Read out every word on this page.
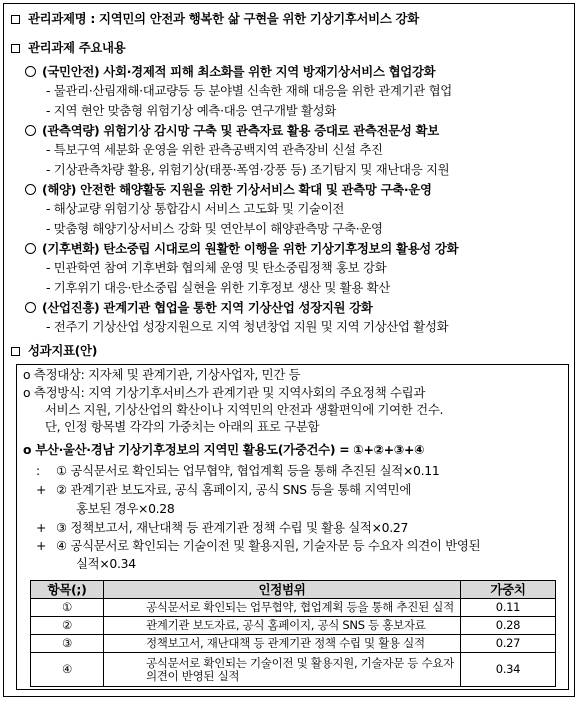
관리과제명 : 지역민의 안전과 행복한 삶 구현을 위한 기상기후서비스 강화
관리과제 주요내용
(국민안전) 사회·경제적 피해 최소화를 위한 지역 방재기상서비스 협업강화
- 물관리·산림재해·대교량등 등 분야별 신속한 재해 대응을 위한 관계기관 협업
- 지역 현안 맞춤형 위험기상 예측·대응 연구개발 활성화
(관측역량) 위험기상 감시망 구축 및 관측자료 활용 증대로 관측전문성 확보
- 특보구역 세분화 운영을 위한 관측공백지역 관측장비 신설 추진
- 기상관측차량 활용, 위험기상(태풍·폭염·강풍 등) 조기탐지 및 재난대응 지원
(해양) 안전한 해양활동 지원을 위한 기상서비스 확대 및 관측망 구축·운영
- 해상교량 위험기상 통합감시 서비스 고도화 및 기술이전
- 맞춤형 해양기상서비스 강화 및 연안부이 해양관측망 구축·운영
(기후변화) 탄소중립 시대로의 원활한 이행을 위한 기상기후정보의 활용성 강화
- 민관학연 참여 기후변화 협의체 운영 및 탄소중립정책 홍보 강화
- 기후위기 대응·탄소중립 실현을 위한 기후정보 생산 및 활용 확산
(산업진흥) 관계기관 협업을 통한 지역 기상산업 성장지원 강화
- 전주기 기상산업 성장지원으로 지역 청년창업 지원 및 지역 기상산업 활성화
성과지표(안)
o 측정대상: 지자체 및 관계기관, 기상사업자, 민간 등
o 측정방식: 지역 기상기후서비스가 관계기관 및 지역사회의 주요정책 수립과
서비스 지원, 기상산업의 확산이나 지역민의 안전과 생활편익에 기여한 건수.
단, 인정 항목별 각각의 가중치는 아래의 표로 구분함
o 부산·울산·경남 기상기후정보의 지역민 활용도(가중건수) = ①+②+③+④
: ① 공식문서로 확인되는 업무협약, 협업계획 등을 통해 추진된 실적×0.11
+ ② 관계기관 보도자료, 공식 홈페이지, 공식 SNS 등을 통해 지역민에
홍보된 경우×0.28
+ ③ 정책보고서, 재난대책 등 관계기관 정책 수립 및 활용 실적×0.27
+ ④ 공식문서로 확인되는 기술이전 및 활용지원, 기술자문 등 수요자 의견이 반영된
실적×0.34
항목(;)	인정범위	가중치
①	공식문서로 확인되는 업무협약, 협업계획 등을 통해 추진된 실적	0.11
②	관계기관 보도자료, 공식 홈페이지, 공식 SNS 등 홍보자료	0.28
③	정책보고서, 재난대책 등 관계기관 정책 수립 및 활용 실적	0.27
④	공식문서로 확인되는 기술이전 및 활용지원, 기술자문 등 수요자 의견이 반영된 실적	0.34
